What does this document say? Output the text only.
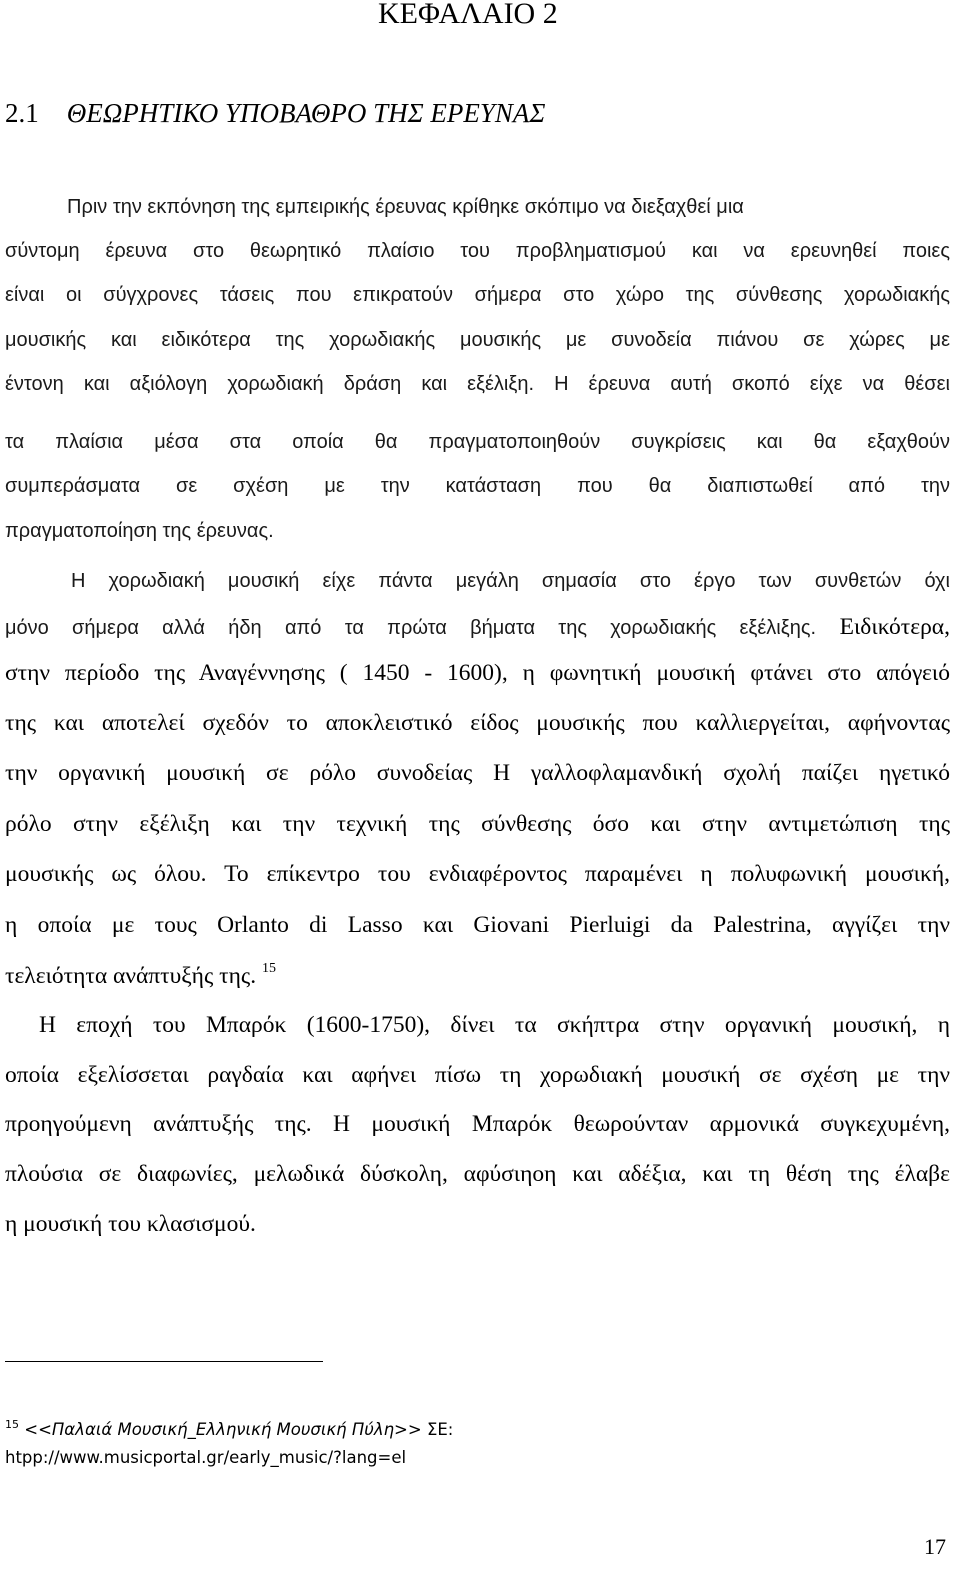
ΚΕΦΑΛΑΙΟ 2
2.1 ΘΕΩΡΗΤΙΚΟ ΥΠΟΒΑΘΡΟ ΤΗΣ ΕΡΕΥΝΑΣ
Πριν την εκπόνηση της εμπειρικής έρευνας κρίθηκε σκόπιμο να διεξαχθεί μια
σύντομη έρευνα στο θεωρητικό πλαίσιο του προβληματισμού και να ερευνηθεί ποιες
είναι οι σύγχρονες τάσεις που επικρατούν σήμερα στο χώρο της σύνθεσης χορωδιακής
μουσικής και ειδικότερα της χορωδιακής μουσικής με συνοδεία πιάνου σε χώρες με
έντονη και αξιόλογη χορωδιακή δράση και εξέλιξη. Η έρευνα αυτή σκοπό είχε να θέσει
τα πλαίσια μέσα στα οποία θα πραγματοποιηθούν συγκρίσεις και θα εξαχθούν
συμπεράσματα σε σχέση με την κατάσταση που θα διαπιστωθεί από την
πραγματοποίηση της έρευνας.
Η χορωδιακή μουσική είχε πάντα μεγάλη σημασία στο έργο των συνθετών όχι
μόνο σήμερα αλλά ήδη από τα πρώτα βήματα της χορωδιακής εξέλιξης. Ειδικότερα,
στην περίοδο της Αναγέννησης ( 1450 - 1600), η φωνητική μουσική φτάνει στο απόγειό
της και αποτελεί σχεδόν το αποκλειστικό είδος μουσικής που καλλιεργείται, αφήνοντας
την οργανική μουσική σε ρόλο συνοδείας Η γαλλοφλαμανδική σχολή παίζει ηγετικό
ρόλο στην εξέλιξη και την τεχνική της σύνθεσης όσο και στην αντιμετώπιση της
μουσικής ως όλου. Το επίκεντρο του ενδιαφέροντος παραμένει η πολυφωνική μουσική,
η οποία με τους Orlanto di Lasso και Giovani Pierluigi da Palestrina, αγγίζει την
τελειότητα ανάπτυξής της. $^{15}$
Η εποχή του Μπαρόκ (1600-1750), δίνει τα σκήπτρα στην οργανική μουσική, η
οποία εξελίσσεται ραγδαία και αφήνει πίσω τη χορωδιακή μουσική σε σχέση με την
προηγούμενη ανάπτυξής της. Η μουσική Μπαρόκ θεωρούνταν αρμονικά συγκεχυμένη,
πλούσια σε διαφωνίες, μελωδικά δύσκολη, αφύσιηοη και αδέξια, και τη θέση της έλαβε
η μουσική του κλασισμού.
$^{15}$ <<Παλαιά Μουσική_Ελληνική Μουσική Πύλη>> ΣΕ:
htpp://www.musicportal.gr/early_music/?lang=el
17
